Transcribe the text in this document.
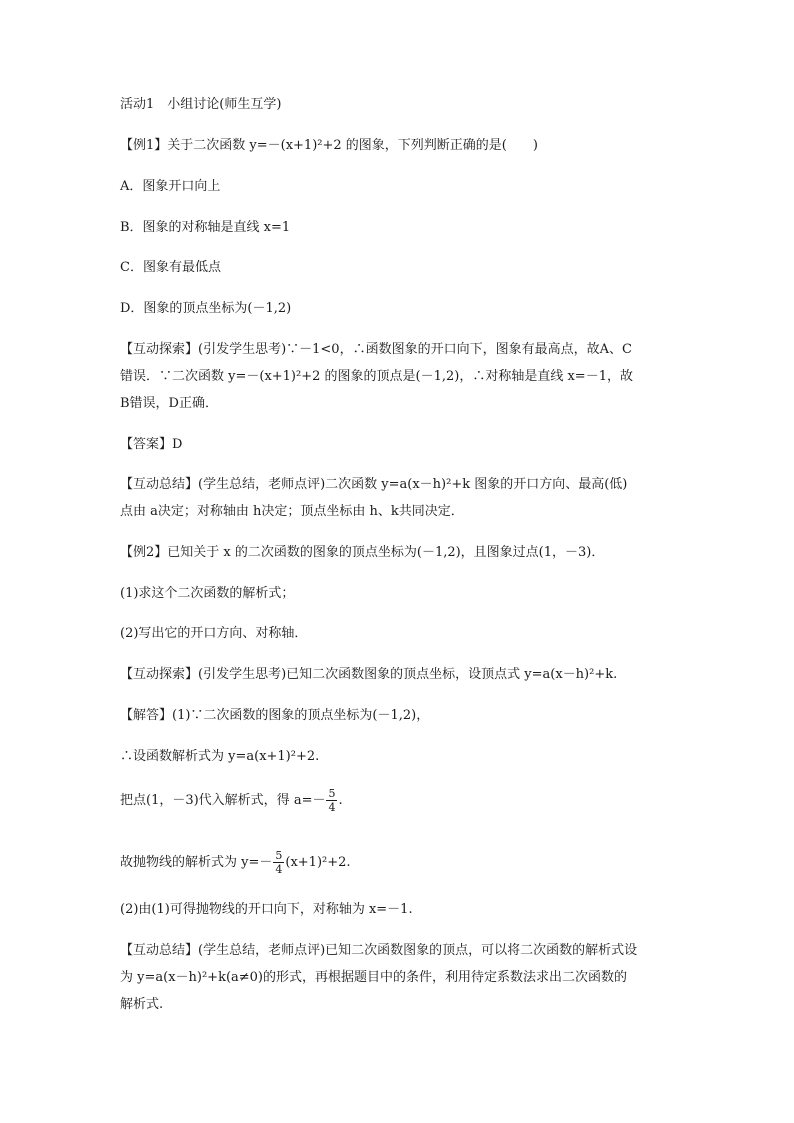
活动1　小组讨论(师生互学)
【例1】关于二次函数 y=－(x+1)²+2 的图象，下列判断正确的是(　　)
A．图象开口向上
B．图象的对称轴是直线 x=1
C．图象有最低点
D．图象的顶点坐标为(－1,2)
【互动探索】(引发学生思考)∵－1<0，∴函数图象的开口向下，图象有最高点，故A、C
错误．∵二次函数 y=－(x+1)²+2 的图象的顶点是(－1,2)，∴对称轴是直线 x=－1，故
B错误，D正确．
【答案】D
【互动总结】(学生总结，老师点评)二次函数 y=a(x－h)²+k 图象的开口方向、最高(低)
点由 a决定；对称轴由 h决定；顶点坐标由 h、k共同决定．
【例2】已知关于 x 的二次函数的图象的顶点坐标为(－1,2)，且图象过点(1，－3)．
(1)求这个二次函数的解析式；
(2)写出它的开口方向、对称轴．
【互动探索】(引发学生思考)已知二次函数图象的顶点坐标，设顶点式 y=a(x－h)²+k.
【解答】(1)∵二次函数的图象的顶点坐标为(－1,2)，
∴设函数解析式为 y=a(x+1)²+2.
把点(1，－3)代入解析式，得 $a=- \frac{5}{4}$ .
故抛物线的解析式为 $y=- \frac{5}{4} (x+1)^2+2$.
(2)由(1)可得抛物线的开口向下，对称轴为 x=－1.
【互动总结】(学生总结，老师点评)已知二次函数图象的顶点，可以将二次函数的解析式设
为 y=a(x－h)²+k(a≠0)的形式，再根据题目中的条件，利用待定系数法求出二次函数的
解析式.
